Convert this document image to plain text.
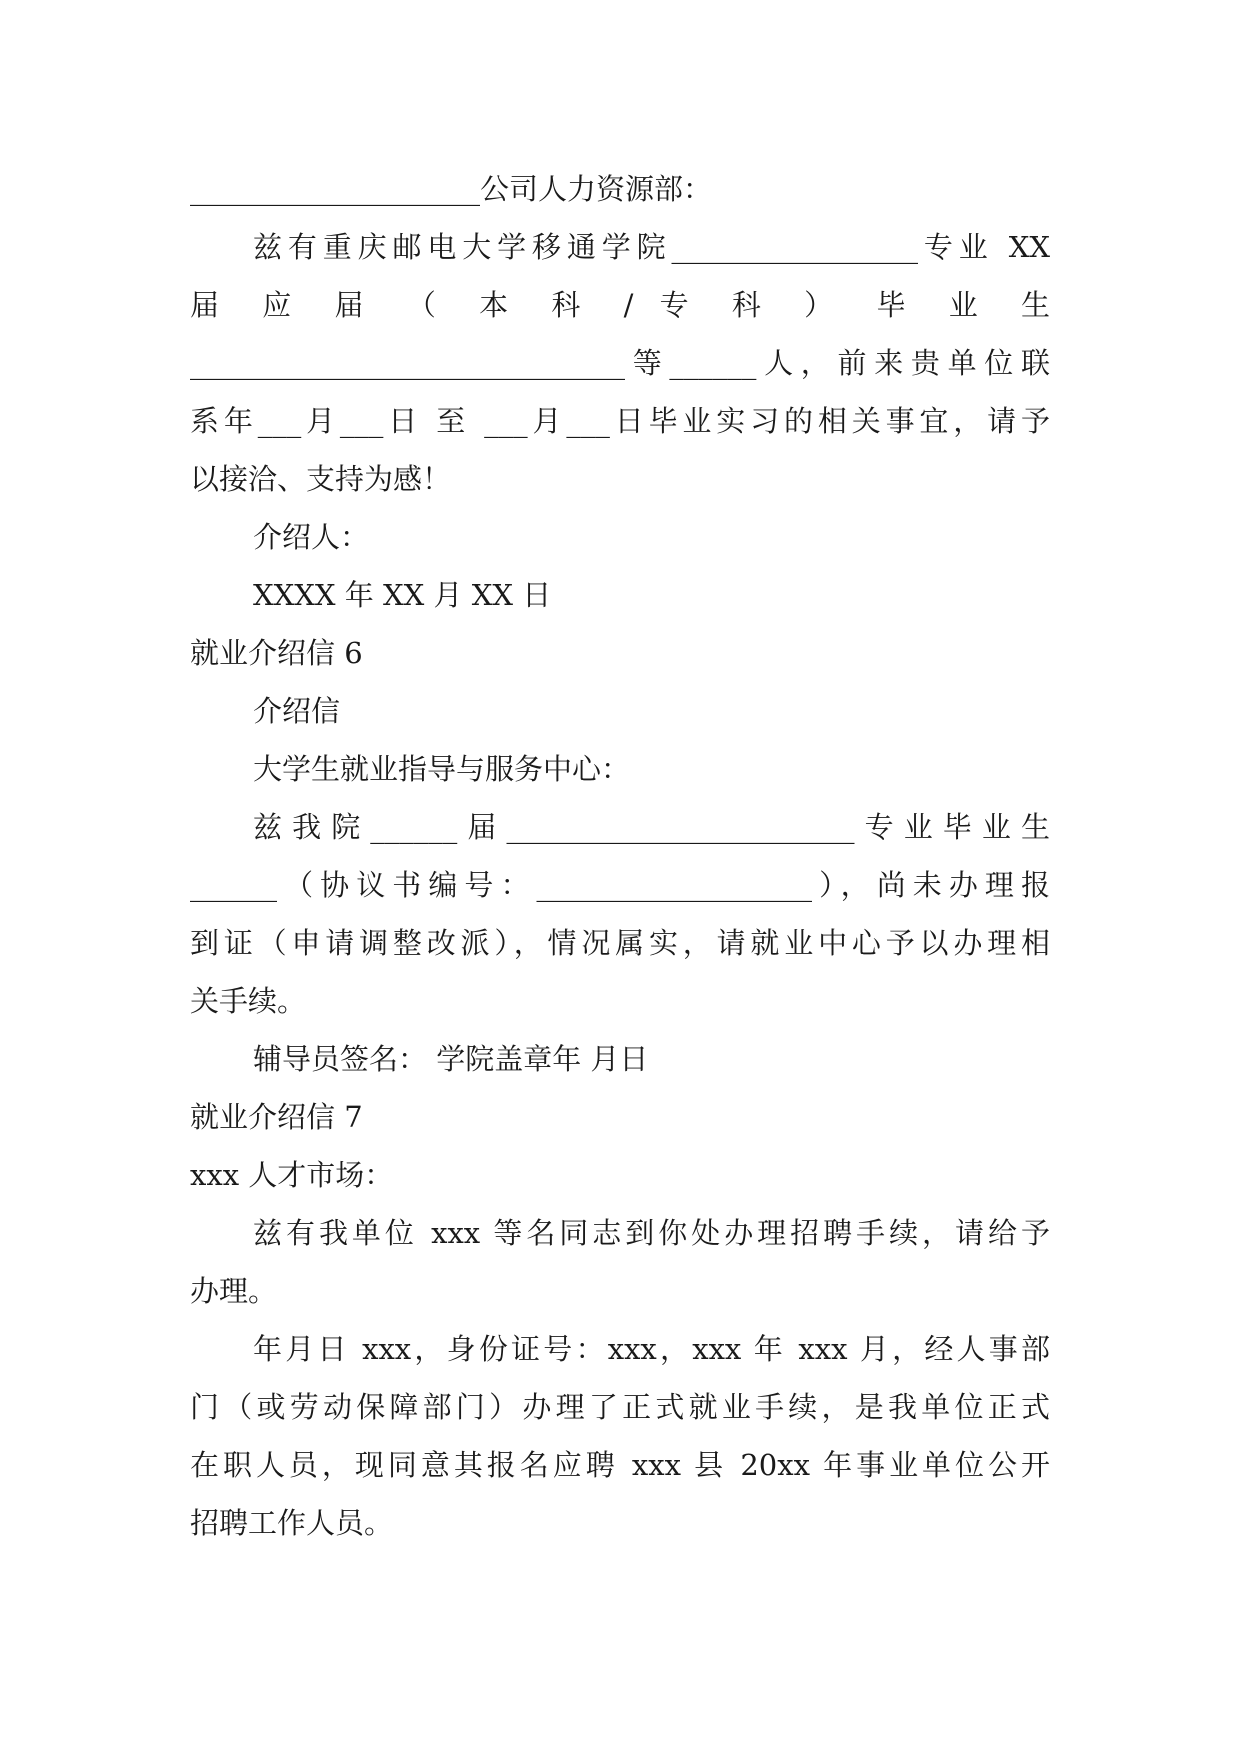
____________________公司人力资源部：
兹有重庆邮电大学移通学院_________________专业 XX
届 应 届 （ 本 科 / 专 科 ） 毕 业 生
______________________________等______人，前来贵单位联
系年___月___日 至 ___月___日毕业实习的相关事宜，请予
以接洽、支持为感！
介绍人：
XXXX 年 XX 月 XX 日
就业介绍信 6
介绍信
大学生就业指导与服务中心：
兹我院______届________________________专业毕业生
______（协议书编号：___________________），尚未办理报
到证（申请调整改派），情况属实，请就业中心予以办理相
关手续。
辅导员签名： 学院盖章年 月日
就业介绍信 7
xxx 人才市场：
兹有我单位 xxx 等名同志到你处办理招聘手续，请给予
办理。
年月日 xxx，身份证号：xxx，xxx 年 xxx 月，经人事部
门（或劳动保障部门）办理了正式就业手续，是我单位正式
在职人员，现同意其报名应聘 xxx 县 20xx 年事业单位公开
招聘工作人员。
